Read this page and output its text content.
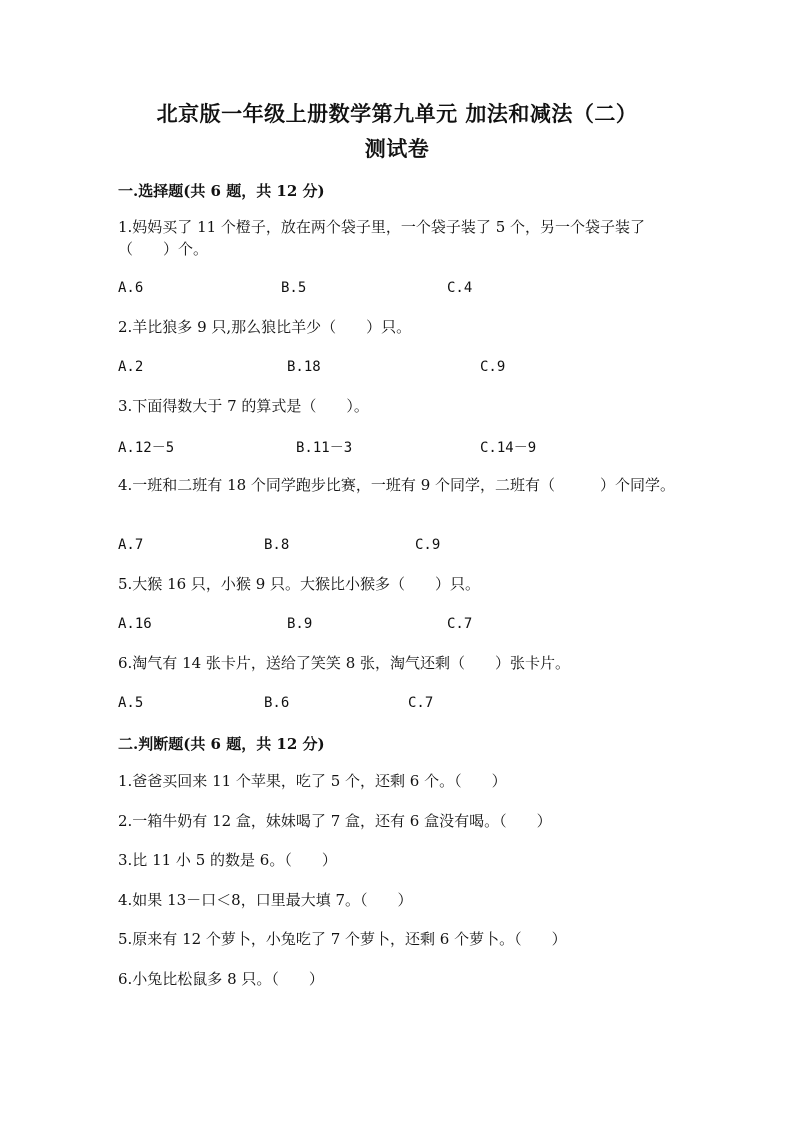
北京版一年级上册数学第九单元 加法和减法（二）
测试卷
一.选择题(共 6 题，共 12 分)
1.妈妈买了 11 个橙子，放在两个袋子里，一个袋子装了 5 个，另一个袋子装了（　　）个。
A.6	B.5	C.4
2.羊比狼多 9 只,那么狼比羊少（　　）只。
A.2	B.18	C.9
3.下面得数大于 7 的算式是（　　）。
A.12－5	B.11－3	C.14－9
4.一班和二班有 18 个同学跑步比赛，一班有 9 个同学，二班有（　　　）个同学。
A.7	B.8	C.9
5.大猴 16 只，小猴 9 只。大猴比小猴多（　　）只。
A.16	B.9	C.7
6.淘气有 14 张卡片，送给了笑笑 8 张，淘气还剩（　　）张卡片。
A.5	B.6	C.7
二.判断题(共 6 题，共 12 分)
1.爸爸买回来 11 个苹果，吃了 5 个，还剩 6 个。（　　）
2.一箱牛奶有 12 盒，妹妹喝了 7 盒，还有 6 盒没有喝。（　　）
3.比 11 小 5 的数是 6。（　　）
4.如果 13－口＜8，口里最大填 7。（　　）
5.原来有 12 个萝卜，小兔吃了 7 个萝卜，还剩 6 个萝卜。（　　）
6.小兔比松鼠多 8 只。（　　）
